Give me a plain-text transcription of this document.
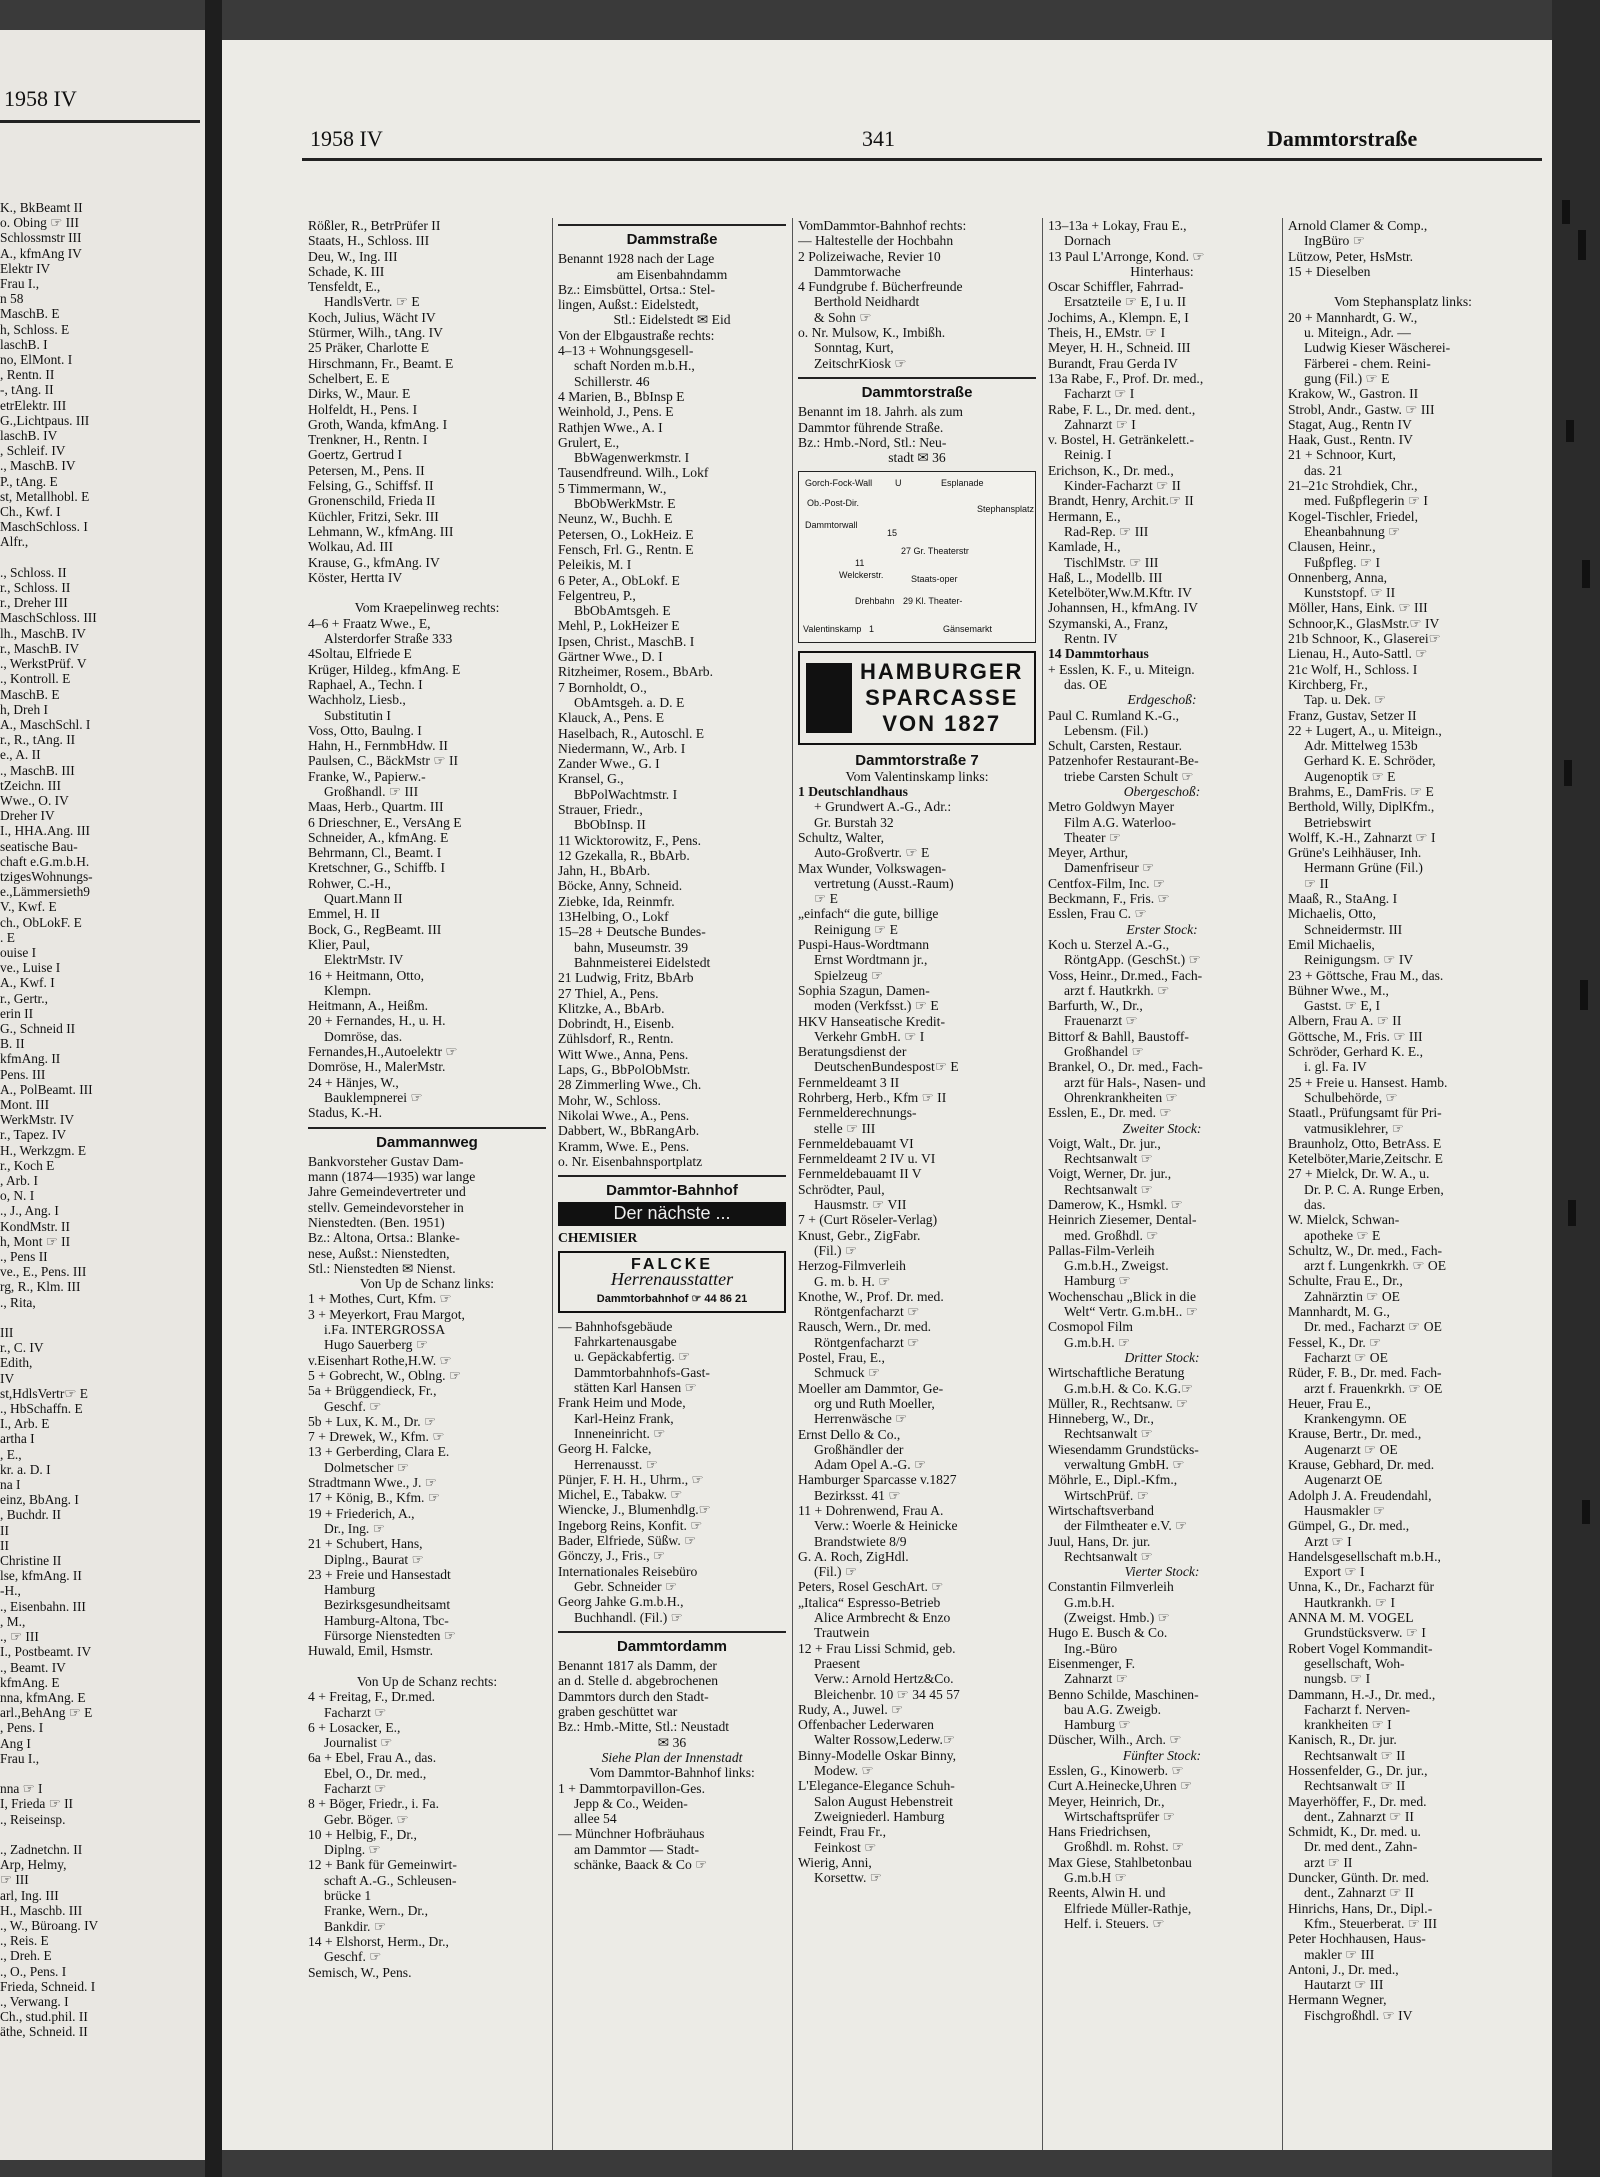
1958 IV

K., BkBeamt II

o. Obing ☞ III

Schlossmstr III

A., kfmAng IV

Elektr IV

Frau I.,

n 58

MaschB. E

h, Schloss. E

laschB. I

no, ElMont. I

, Rentn. II

-, tAng. II

etrElektr. III

G.,Lichtpaus. III

laschB. IV

, Schleif. IV

., MaschB. IV

P., tAng. E

st, Metallhobl. E

Ch., Kwf. I

MaschSchloss. I

Alfr.,

., Schloss. II

r., Schloss. II

r., Dreher III

MaschSchloss. III

lh., MaschB. IV

r., MaschB. IV

., WerkstPrüf. V

., Kontroll. E

MaschB. E

h, Dreh I

A., MaschSchl. I

r., R., tAng. II

e., A. II

., MaschB. III

tZeichn. III

Wwe., O. IV

Dreher IV

I., HHA.Ang. III

seatische Bau-

chaft e.G.m.b.H.

tzigesWohnungs-

e.,Lämmersieth9

V., Kwf. E

ch., ObLokF. E

. E

ouise I

ve., Luise I

A., Kwf. I

r., Gertr.,

erin II

G., Schneid II

B. II

kfmAng. II

Pens. III

A., PolBeamt. III

Mont. III

WerkMstr. IV

r., Tapez. IV

H., Werkzgm. E

r., Koch E

, Arb. I

o, N. I

., J., Ang. I

KondMstr. II

h, Mont ☞ II

., Pens II

ve., E., Pens. III

rg, R., Klm. III

., Rita,

III

r., C. IV

Edith,

IV

st,HdlsVertr☞ E

., HbSchaffn. E

I., Arb. E

artha I

, E.,

kr. a. D. I

na I

einz, BbAng. I

, Buchdr. II

II

II

Christine II

lse, kfmAng. II

-H.,

., Eisenbahn. III

, M.,

., ☞ III

I., Postbeamt. IV

., Beamt. IV

kfmAng. E

nna, kfmAng. E

arl.,BehAng ☞ E

, Pens. I

Ang I

Frau I.,

nna ☞ I

I, Frieda ☞ II

., Reiseinsp.

., Zadnetchn. II

Arp, Helmy,

☞ III

arl, Ing. III

H., Maschb. III

., W., Büroang. IV

., Reis. E

., Dreh. E

., O., Pens. I

Frieda, Schneid. I

., Verwang. I

Ch., stud.phil. II

äthe, Schneid. II

1958 IV	341	Dammtorstraße

Rößler, R., BetrPrüfer II

Staats, H., Schloss. III

Deu, W., Ing. III

Schade, K. III

Tensfeldt, E.,

HandlsVertr. ☞ E

Koch, Julius, Wächt IV

Stürmer, Wilh., tAng. IV

25 Präker, Charlotte E

Hirschmann, Fr., Beamt. E

Schelbert, E. E

Dirks, W., Maur. E

Holfeldt, H., Pens. I

Groth, Wanda, kfmAng. I

Trenkner, H., Rentn. I

Goertz, Gertrud I

Petersen, M., Pens. II

Felsing, G., Schiffsf. II

Gronenschild, Frieda II

Küchler, Fritzi, Sekr. III

Lehmann, W., kfmAng. III

Wolkau, Ad. III

Krause, G., kfmAng. IV

Köster, Hertta IV

Vom Kraepelinweg rechts:

4–6 + Fraatz Wwe., E,

Alsterdorfer Straße 333

4Soltau, Elfriede E

Krüger, Hildeg., kfmAng. E

Raphael, A., Techn. I

Wachholz, Liesb.,

Substitutin I

Voss, Otto, Baulng. I

Hahn, H., FernmbHdw. II

Paulsen, C., BäckMstr ☞ II

Franke, W., Papierw.-

Großhandl. ☞ III

Maas, Herb., Quartm. III

6 Drieschner, E., VersAng E

Schneider, A., kfmAng. E

Behrmann, Cl., Beamt. I

Kretschner, G., Schiffb. I

Rohwer, C.-H.,

Quart.Mann II

Emmel, H. II

Bock, G., RegBeamt. III

Klier, Paul,

ElektrMstr. IV

16 + Heitmann, Otto,

Klempn.

Heitmann, A., Heißm.

20 + Fernandes, H., u. H.

Domröse, das.

Fernandes,H.,Autoelektr ☞

Domröse, H., MalerMstr.

24 + Hänjes, W.,

Bauklempnerei ☞

Stadus, K.-H.

Dammannweg

Bankvorsteher Gustav Dam-

mann (1874—1935) war lange

Jahre Gemeindevertreter und

stellv. Gemeindevorsteher in

Nienstedten. (Ben. 1951)

Bz.: Altona, Ortsa.: Blanke-

nese, Außst.: Nienstedten,

Stl.: Nienstedten ✉ Nienst.

Von Up de Schanz links:

1 + Mothes, Curt, Kfm. ☞

3 + Meyerkort, Frau Margot,

i.Fa. INTERGROSSA

Hugo Sauerberg ☞

v.Eisenhart Rothe,H.W. ☞

5 + Gobrecht, W., Oblng. ☞

5a + Brüggendieck, Fr.,

Geschf. ☞

5b + Lux, K. M., Dr. ☞

7 + Drewek, W., Kfm. ☞

13 + Gerberding, Clara E.

Dolmetscher ☞

Stradtmann Wwe., J. ☞

17 + König, B., Kfm. ☞

19 + Friederich, A.,

Dr., Ing. ☞

21 + Schubert, Hans,

Diplng., Baurat ☞

23 + Freie und Hansestadt

Hamburg

Bezirksgesundheitsamt

Hamburg-Altona, Tbc-

Fürsorge Nienstedten ☞

Huwald, Emil, Hsmstr.

Von Up de Schanz rechts:

4 + Freitag, F., Dr.med.

Facharzt ☞

6 + Losacker, E.,

Journalist ☞

6a + Ebel, Frau A., das.

Ebel, O., Dr. med.,

Facharzt ☞

8 + Böger, Friedr., i. Fa.

Gebr. Böger. ☞

10 + Helbig, F., Dr.,

Diplng. ☞

12 + Bank für Gemeinwirt-

schaft A.-G., Schleusen-

brücke 1

Franke, Wern., Dr.,

Bankdir. ☞

14 + Elshorst, Herm., Dr.,

Geschf. ☞

Semisch, W., Pens.

Dammstraße

Benannt 1928 nach der Lage

am Eisenbahndamm

Bz.: Eimsbüttel, Ortsa.: Stel-

lingen, Außst.: Eidelstedt,

Stl.: Eidelstedt ✉ Eid

Von der Elbgaustraße rechts:

4–13 + Wohnungsgesell-

schaft Norden m.b.H.,

Schillerstr. 46

4 Marien, B., BbInsp E

Weinhold, J., Pens. E

Rathjen Wwe., A. I

Grulert, E.,

BbWagenwerkmstr. I

Tausendfreund. Wilh., Lokf

5 Timmermann, W.,

BbObWerkMstr. E

Neunz, W., Buchh. E

Petersen, O., LokHeiz. E

Fensch, Frl. G., Rentn. E

Peleikis, M. I

6 Peter, A., ObLokf. E

Felgentreu, P.,

BbObAmtsgeh. E

Mehl, P., LokHeizer E

Ipsen, Christ., MaschB. I

Gärtner Wwe., D. I

Ritzheimer, Rosem., BbArb.

7 Bornholdt, O.,

ObAmtsgeh. a. D. E

Klauck, A., Pens. E

Haselbach, R., Autoschl. E

Niedermann, W., Arb. I

Zander Wwe., G. I

Kransel, G.,

BbPolWachtmstr. I

Strauer, Friedr.,

BbObInsp. II

11 Wicktorowitz, F., Pens.

12 Gzekalla, R., BbArb.

Jahn, H., BbArb.

Böcke, Anny, Schneid.

Ziebke, Ida, Reinmfr.

13Helbing, O., Lokf

15–28 + Deutsche Bundes-

bahn, Museumstr. 39

Bahnmeisterei Eidelstedt

21 Ludwig, Fritz, BbArb

27 Thiel, A., Pens.

Klitzke, A., BbArb.

Dobrindt, H., Eisenb.

Zühlsdorf, R., Rentn.

Witt Wwe., Anna, Pens.

Laps, G., BbPolObMstr.

28 Zimmerling Wwe., Ch.

Mohr, W., Schloss.

Nikolai Wwe., A., Pens.

Dabbert, W., BbRangArb.

Kramm, Wwe. E., Pens.

o. Nr. Eisenbahnsportplatz

Dammtor-Bahnhof
Der nächste ...

CHEMISIER

FALCKE
Herrenausstatter
Dammtorbahnhof ☞ 44 86 21

— Bahnhofsgebäude

Fahrkartenausgabe

u. Gepäckabfertig. ☞

Dammtorbahnhofs-Gast-

stätten Karl Hansen ☞

Frank Heim und Mode,

Karl-Heinz Frank,

Inneneinricht. ☞

Georg H. Falcke,

Herrenausst. ☞

Pünjer, F. H. H., Uhrm., ☞

Michel, E., Tabakw. ☞

Wiencke, J., Blumenhdlg.☞

Ingeborg Reins, Konfit. ☞

Bader, Elfriede, Süßw. ☞

Gönczy, J., Fris., ☞

Internationales Reisebüro

Gebr. Schneider ☞

Georg Jahke G.m.b.H.,

Buchhandl. (Fil.) ☞

Dammtordamm

Benannt 1817 als Damm, der

an d. Stelle d. abgebrochenen

Dammtors durch den Stadt-

graben geschüttet war

Bz.: Hmb.-Mitte, Stl.: Neustadt

✉ 36

Siehe Plan der Innenstadt

Vom Dammtor-Bahnhof links:

1 + Dammtorpavillon-Ges.

Jepp & Co., Weiden-

allee 54

— Münchner Hofbräuhaus

am Dammtor — Stadt-

schänke, Baack & Co ☞

VomDammtor-Bahnhof rechts:

— Haltestelle der Hochbahn

2 Polizeiwache, Revier 10

Dammtorwache

4 Fundgrube f. Bücherfreunde

Berthold Neidhardt

& Sohn ☞

o. Nr. Mulsow, K., Imbißh.

Sonntag, Kurt,

ZeitschrKiosk ☞

Dammtorstraße

Benannt im 18. Jahrh. als zum

Dammtor führende Straße.

Bz.: Hmb.-Nord, Stl.: Neu-

stadt ✉ 36

Gorch-Fock-Wall	U	Esplanade
Ob.-Post-Dir.
Stephansplatz
Dammtorwall
15
27 Gr. Theaterstr
11
Welckerstr.	Staats-oper
Drehbahn 29 Kl. Theater-
1
Valentinskamp	Gänsemarkt
HAMBURGER
SPARCASSE
VON 1827
Dammtorstraße 7

Vom Valentinskamp links:

1 Deutschlandhaus

+ Grundwert A.-G., Adr.:

Gr. Burstah 32

Schultz, Walter,

Auto-Großvertr. ☞ E

Max Wunder, Volkswagen-

vertretung (Ausst.-Raum)

☞ E

„einfach“ die gute, billige

Reinigung ☞ E

Puspi-Haus-Wordtmann

Ernst Wordtmann jr.,

Spielzeug ☞

Sophia Szagun, Damen-

moden (Verkfsst.) ☞ E

HKV Hanseatische Kredit-

Verkehr GmbH. ☞ I

Beratungsdienst der

DeutschenBundespost☞ E

Fernmeldeamt 3 II

Rohrberg, Herb., Kfm ☞ II

Fernmelderechnungs-

stelle ☞ III

Fernmeldebauamt VI

Fernmeldeamt 2 IV u. VI

Fernmeldebauamt II V

Schrödter, Paul,

Hausmstr. ☞ VII

7 + (Curt Röseler-Verlag)

Knust, Gebr., ZigFabr.

(Fil.) ☞

Herzog-Filmverleih

G. m. b. H. ☞

Knothe, W., Prof. Dr. med.

Röntgenfacharzt ☞

Rausch, Wern., Dr. med.

Röntgenfacharzt ☞

Postel, Frau, E.,

Schmuck ☞

Moeller am Dammtor, Ge-

org und Ruth Moeller,

Herrenwäsche ☞

Ernst Dello & Co.,

Großhändler der

Adam Opel A.-G. ☞

Hamburger Sparcasse v.1827

Bezirksst. 41 ☞

11 + Dohrenwend, Frau A.

Verw.: Woerle & Heinicke

Brandstwiete 8/9

G. A. Roch, ZigHdl.

(Fil.) ☞

Peters, Rosel GeschArt. ☞

„Italica“ Espresso-Betrieb

Alice Armbrecht & Enzo

Trautwein

12 + Frau Lissi Schmid, geb.

Praesent

Verw.: Arnold Hertz&Co.

Bleichenbr. 10 ☞ 34 45 57

Rudy, A., Juwel. ☞

Offenbacher Lederwaren

Walter Rossow,Lederw.☞

Binny-Modelle Oskar Binny,

Modew. ☞

L'Elegance-Elegance Schuh-

Salon August Hebenstreit

Zweigniederl. Hamburg

Feindt, Frau Fr.,

Feinkost ☞

Wierig, Anni,

Korsettw. ☞

13–13a + Lokay, Frau E.,

Dornach

13 Paul L'Arronge, Kond. ☞

Hinterhaus:

Oscar Schiffler, Fahrrad-

Ersatzteile ☞ E, I u. II

Jochims, A., Klempn. E, I

Theis, H., EMstr. ☞ I

Meyer, H. H., Schneid. III

Burandt, Frau Gerda IV

13a Rabe, F., Prof. Dr. med.,

Facharzt ☞ I

Rabe, F. L., Dr. med. dent.,

Zahnarzt ☞ I

v. Bostel, H. Getränkelett.-

Reinig. I

Erichson, K., Dr. med.,

Kinder-Facharzt ☞ II

Brandt, Henry, Archit.☞ II

Hermann, E.,

Rad-Rep. ☞ III

Kamlade, H.,

TischlMstr. ☞ III

Haß, L., Modellb. III

Ketelböter,Ww.M.Kftr. IV

Johannsen, H., kfmAng. IV

Szymanski, A., Franz,

Rentn. IV

14 Dammtorhaus

+ Esslen, K. F., u. Miteign.

das. OE

Erdgeschoß:

Paul C. Rumland K.-G.,

Lebensm. (Fil.)

Schult, Carsten, Restaur.

Patzenhofer Restaurant-Be-

triebe Carsten Schult ☞

Obergeschoß:

Metro Goldwyn Mayer

Film A.G. Waterloo-

Theater ☞

Meyer, Arthur,

Damenfriseur ☞

Centfox-Film, Inc. ☞

Beckmann, F., Fris. ☞

Esslen, Frau C. ☞

Erster Stock:

Koch u. Sterzel A.-G.,

RöntgApp. (GeschSt.) ☞

Voss, Heinr., Dr.med., Fach-

arzt f. Hautkrkh. ☞

Barfurth, W., Dr.,

Frauenarzt ☞

Bittorf & Bahll, Baustoff-

Großhandel ☞

Brankel, O., Dr. med., Fach-

arzt für Hals-, Nasen- und

Ohrenkrankheiten ☞

Esslen, E., Dr. med. ☞

Zweiter Stock:

Voigt, Walt., Dr. jur.,

Rechtsanwalt ☞

Voigt, Werner, Dr. jur.,

Rechtsanwalt ☞

Damerow, K., Hsmkl. ☞

Heinrich Ziesemer, Dental-

med. Großhdl. ☞

Pallas-Film-Verleih

G.m.b.H., Zweigst.

Hamburg ☞

Wochenschau „Blick in die

Welt“ Vertr. G.m.bH.. ☞

Cosmopol Film

G.m.b.H. ☞

Dritter Stock:

Wirtschaftliche Beratung

G.m.b.H. & Co. K.G.☞

Müller, R., Rechtsanw. ☞

Hinneberg, W., Dr.,

Rechtsanwalt ☞

Wiesendamm Grundstücks-

verwaltung GmbH. ☞

Möhrle, E., Dipl.-Kfm.,

WirtschPrüf. ☞

Wirtschaftsverband

der Filmtheater e.V. ☞

Juul, Hans, Dr. jur.

Rechtsanwalt ☞

Vierter Stock:

Constantin Filmverleih

G.m.b.H.

(Zweigst. Hmb.) ☞

Hugo E. Busch & Co.

Ing.-Büro

Eisenmenger, F.

Zahnarzt ☞

Benno Schilde, Maschinen-

bau A.G. Zweigb.

Hamburg ☞

Düscher, Wilh., Arch. ☞

Fünfter Stock:

Esslen, G., Kinowerb. ☞

Curt A.Heinecke,Uhren ☞

Meyer, Heinrich, Dr.,

Wirtschaftsprüfer ☞

Hans Friedrichsen,

Großhdl. m. Rohst. ☞

Max Giese, Stahlbetonbau

G.m.b.H ☞

Reents, Alwin H. und

Elfriede Müller-Rathje,

Helf. i. Steuers. ☞

Arnold Clamer & Comp.,

IngBüro ☞

Lützow, Peter, HsMstr.

15 + Dieselben

Vom Stephansplatz links:

20 + Mannhardt, G. W.,

u. Miteign., Adr. —

Ludwig Kieser Wäscherei-

Färberei - chem. Reini-

gung (Fil.) ☞ E

Krakow, W., Gastron. II

Strobl, Andr., Gastw. ☞ III

Stagat, Aug., Rentn IV

Haak, Gust., Rentn. IV

21 + Schnoor, Kurt,

das. 21

21–21c Strohdiek, Chr.,

med. Fußpflegerin ☞ I

Kogel-Tischler, Friedel,

Eheanbahnung ☞

Clausen, Heinr.,

Fußpfleg. ☞ I

Onnenberg, Anna,

Kunststopf. ☞ II

Möller, Hans, Eink. ☞ III

Schnoor,K., GlasMstr.☞ IV

21b Schnoor, K., Glaserei☞

Lienau, H., Auto-Sattl. ☞

21c Wolf, H., Schloss. I

Kirchberg, Fr.,

Tap. u. Dek. ☞

Franz, Gustav, Setzer II

22 + Lugert, A., u. Miteign.,

Adr. Mittelweg 153b

Gerhard K. E. Schröder,

Augenoptik ☞ E

Brahms, E., DamFris. ☞ E

Berthold, Willy, DiplKfm.,

Betriebswirt

Wolff, K.-H., Zahnarzt ☞ I

Grüne's Leihhäuser, Inh.

Hermann Grüne (Fil.)

☞ II

Maaß, R., StaAng. I

Michaelis, Otto,

Schneidermstr. III

Emil Michaelis,

Reinigungsm. ☞ IV

23 + Göttsche, Frau M., das.

Bühner Wwe., M.,

Gastst. ☞ E, I

Albern, Frau A. ☞ II

Göttsche, M., Fris. ☞ III

Schröder, Gerhard K. E.,

i. gl. Fa. IV

25 + Freie u. Hansest. Hamb.

Schulbehörde, ☞

Staatl., Prüfungsamt für Pri-

vatmusiklehrer, ☞

Braunholz, Otto, BetrAss. E

Ketelböter,Marie,Zeitschr. E

27 + Mielck, Dr. W. A., u.

Dr. P. C. A. Runge Erben,

das.

W. Mielck, Schwan-

apotheke ☞ E

Schultz, W., Dr. med., Fach-

arzt f. Lungenkrkh. ☞ OE

Schulte, Frau E., Dr.,

Zahnärztin ☞ OE

Mannhardt, M. G.,

Dr. med., Facharzt ☞ OE

Fessel, K., Dr. ☞

Facharzt ☞ OE

Rüder, F. B., Dr. med. Fach-

arzt f. Frauenkrkh. ☞ OE

Heuer, Frau E.,

Krankengymn. OE

Krause, Bertr., Dr. med.,

Augenarzt ☞ OE

Krause, Gebhard, Dr. med.

Augenarzt OE

Adolph J. A. Freudendahl,

Hausmakler ☞

Gümpel, G., Dr. med.,

Arzt ☞ I

Handelsgesellschaft m.b.H.,

Export ☞ I

Unna, K., Dr., Facharzt für

Hautkrankh. ☞ I

ANNA M. M. VOGEL

Grundstücksverw. ☞ I

Robert Vogel Kommandit-

gesellschaft, Woh-

nungsb. ☞ I

Dammann, H.-J., Dr. med.,

Facharzt f. Nerven-

krankheiten ☞ I

Kanisch, R., Dr. jur.

Rechtsanwalt ☞ II

Hossenfelder, G., Dr. jur.,

Rechtsanwalt ☞ II

Mayerhöffer, F., Dr. med.

dent., Zahnarzt ☞ II

Schmidt, K., Dr. med. u.

Dr. med dent., Zahn-

arzt ☞ II

Duncker, Günth. Dr. med.

dent., Zahnarzt ☞ II

Hinrichs, Hans, Dr., Dipl.-

Kfm., Steuerberat. ☞ III

Peter Hochhausen, Haus-

makler ☞ III

Antoni, J., Dr. med.,

Hautarzt ☞ III

Hermann Wegner,

Fischgroßhdl. ☞ IV
